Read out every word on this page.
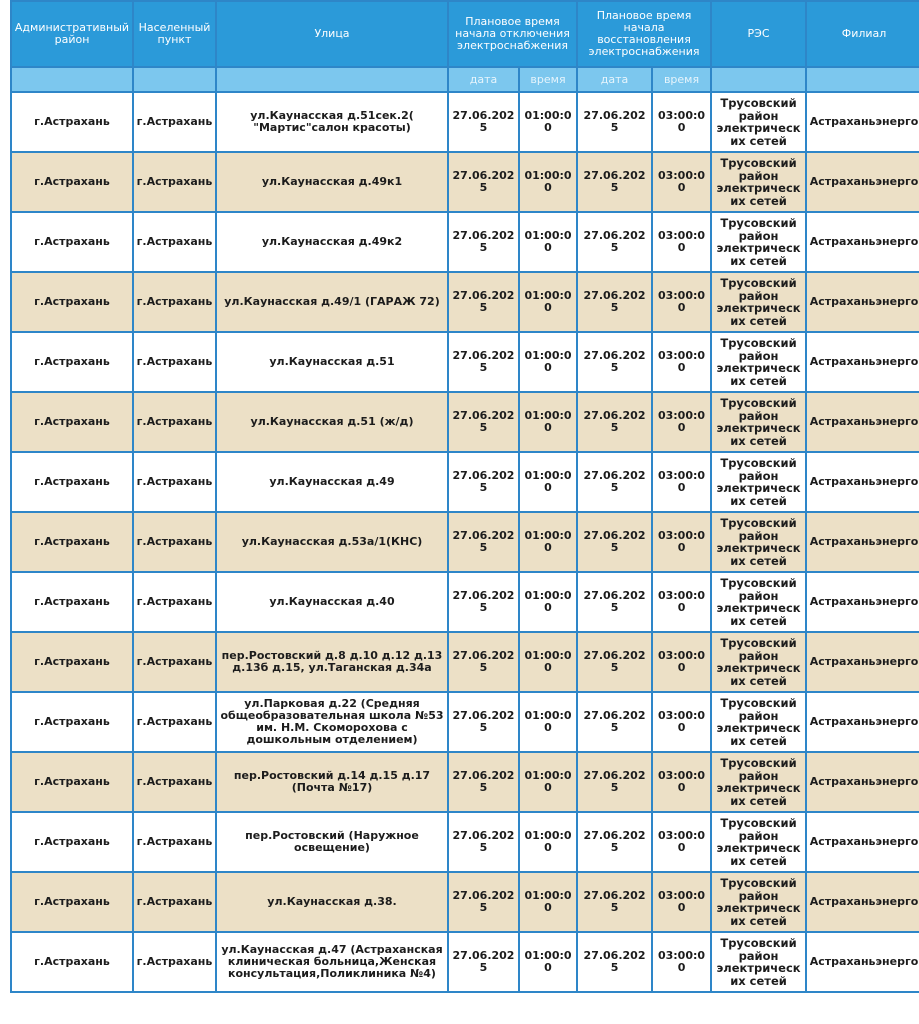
Административный район	Населенный пункт	Улица	Плановое время начала отключения электроснабжения		Плановое время начала восстановления электроснабжения		РЭС	Филиал
			дата	время	дата	время		
г.Астрахань	г.Астрахань	ул.Каунасская д.51сек.2( "Мартис"салон красоты)	27.06.2025	01:00:00	27.06.2025	03:00:00	Трусовский район электрических сетей	Астраханьэнерго
г.Астрахань	г.Астрахань	ул.Каунасская д.49к1	27.06.2025	01:00:00	27.06.2025	03:00:00	Трусовский район электрических сетей	Астраханьэнерго
г.Астрахань	г.Астрахань	ул.Каунасская д.49к2	27.06.2025	01:00:00	27.06.2025	03:00:00	Трусовский район электрических сетей	Астраханьэнерго
г.Астрахань	г.Астрахань	ул.Каунасская д.49/1 (ГАРАЖ 72)	27.06.2025	01:00:00	27.06.2025	03:00:00	Трусовский район электрических сетей	Астраханьэнерго
г.Астрахань	г.Астрахань	ул.Каунасская д.51	27.06.2025	01:00:00	27.06.2025	03:00:00	Трусовский район электрических сетей	Астраханьэнерго
г.Астрахань	г.Астрахань	ул.Каунасская д.51 (ж/д)	27.06.2025	01:00:00	27.06.2025	03:00:00	Трусовский район электрических сетей	Астраханьэнерго
г.Астрахань	г.Астрахань	ул.Каунасская д.49	27.06.2025	01:00:00	27.06.2025	03:00:00	Трусовский район электрических сетей	Астраханьэнерго
г.Астрахань	г.Астрахань	ул.Каунасская д.53а/1(КНС)	27.06.2025	01:00:00	27.06.2025	03:00:00	Трусовский район электрических сетей	Астраханьэнерго
г.Астрахань	г.Астрахань	ул.Каунасская д.40	27.06.2025	01:00:00	27.06.2025	03:00:00	Трусовский район электрических сетей	Астраханьэнерго
г.Астрахань	г.Астрахань	пер.Ростовский д.8 д.10 д.12 д.13 д.13б д.15, ул.Таганская д.34а	27.06.2025	01:00:00	27.06.2025	03:00:00	Трусовский район электрических сетей	Астраханьэнерго
г.Астрахань	г.Астрахань	ул.Парковая д.22 (Средняя общеобразовательная школа №53 им. Н.М. Скоморохова с дошкольным отделением)	27.06.2025	01:00:00	27.06.2025	03:00:00	Трусовский район электрических сетей	Астраханьэнерго
г.Астрахань	г.Астрахань	пер.Ростовский д.14 д.15 д.17 (Почта №17)	27.06.2025	01:00:00	27.06.2025	03:00:00	Трусовский район электрических сетей	Астраханьэнерго
г.Астрахань	г.Астрахань	пер.Ростовский (Наружное освещение)	27.06.2025	01:00:00	27.06.2025	03:00:00	Трусовский район электрических сетей	Астраханьэнерго
г.Астрахань	г.Астрахань	ул.Каунасская д.38.	27.06.2025	01:00:00	27.06.2025	03:00:00	Трусовский район электрических сетей	Астраханьэнерго
г.Астрахань	г.Астрахань	ул.Каунасская д.47 (Астраханская клиническая больница,Женская консультация,Поликлиника №4)	27.06.2025	01:00:00	27.06.2025	03:00:00	Трусовский район электрических сетей	Астраханьэнерго
